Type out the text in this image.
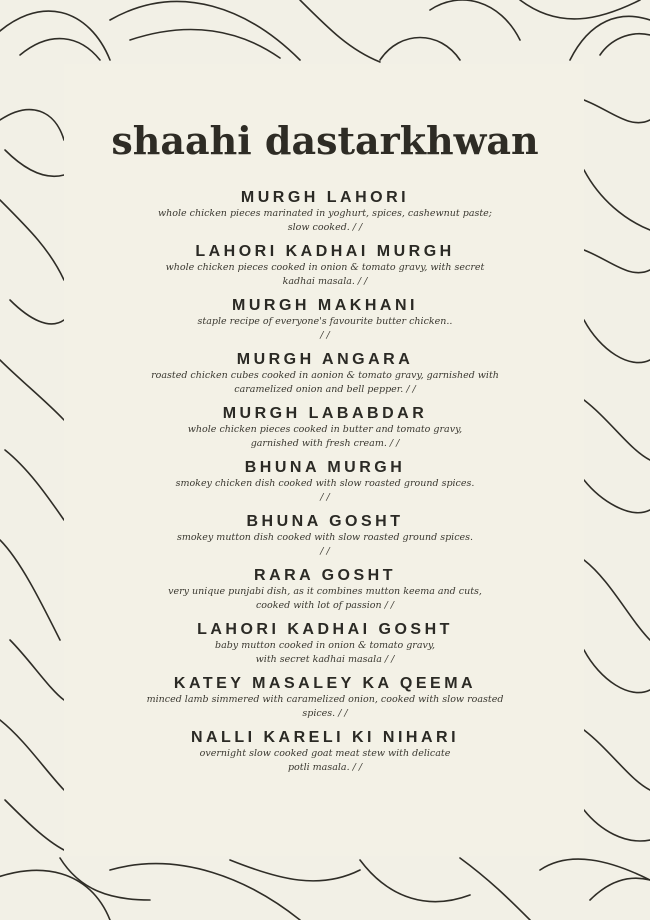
shaahi dastarkhwan
MURGH LAHORI
whole chicken pieces marinated in yoghurt, spices, cashewnut paste;
slow cooked. / /
LAHORI KADHAI MURGH
whole chicken pieces cooked in onion & tomato gravy, with secret
kadhai masala. / /
MURGH MAKHANI
staple recipe of everyone's favourite butter chicken..
/ /
MURGH ANGARA
roasted chicken cubes cooked in aonion & tomato gravy, garnished with
caramelized onion and bell pepper. / /
MURGH LABABDAR
whole chicken pieces cooked in butter and tomato gravy,
garnished with fresh cream. / /
BHUNA MURGH
smokey chicken dish cooked with slow roasted ground spices.
/ /
BHUNA GOSHT
smokey mutton dish cooked with slow roasted ground spices.
/ /
RARA GOSHT
very unique punjabi dish, as it combines mutton keema and cuts,
cooked with lot of passion / /
LAHORI KADHAI GOSHT
baby mutton cooked in onion & tomato gravy,
with secret kadhai masala / /
KATEY MASALEY KA QEEMA
minced lamb simmered with caramelized onion, cooked with slow roasted
spices. / /
NALLI KARELI KI NIHARI
overnight slow cooked goat meat stew with delicate
potli masala. / /
